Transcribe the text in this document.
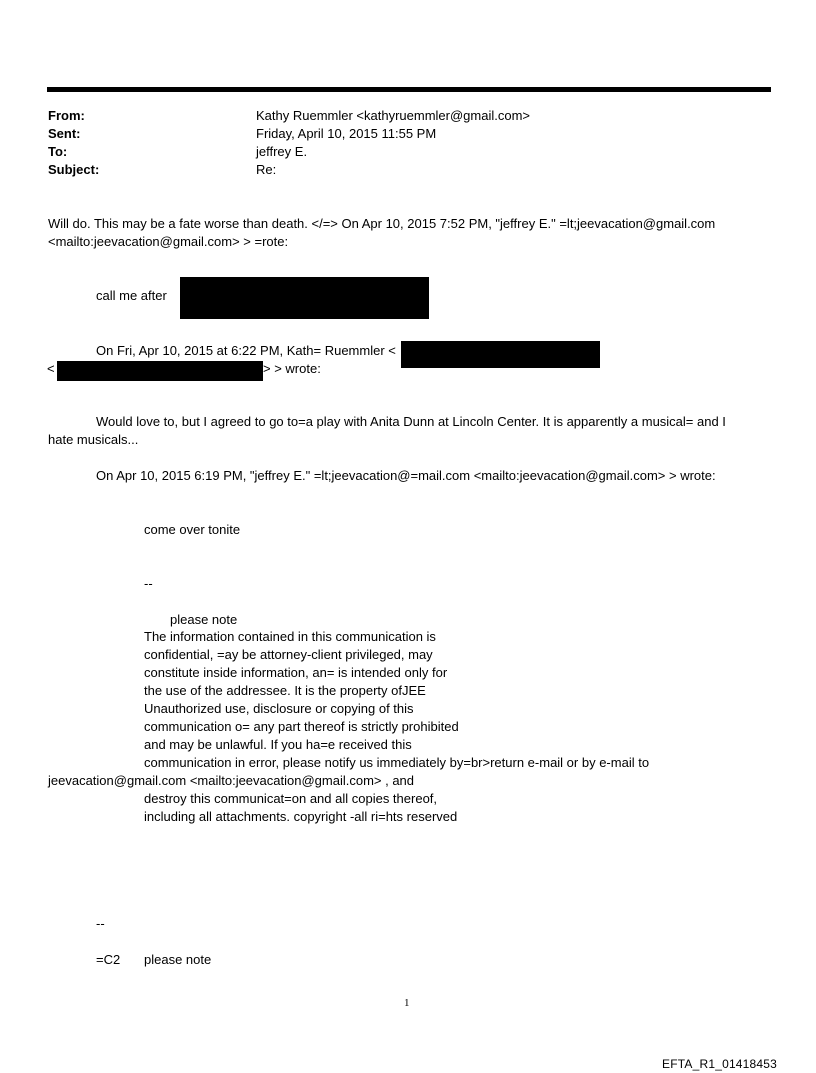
From:	Kathy Ruemmler <kathyruemmler@gmail.com>
Sent:	Friday, April 10, 2015 11:55 PM
To:	jeffrey E.
Subject:	Re:
Will do. This may be a fate worse than death. </=> On Apr 10, 2015 7:52 PM, "jeffrey E." =lt;jeevacation@gmail.com
<mailto:jeevacation@gmail.com> > =rote:
call me after
On Fri, Apr 10, 2015 at 6:22 PM, Kath= Ruemmler <
<	> > wrote:
Would love to, but I agreed to go to=a play with Anita Dunn at Lincoln Center. It is apparently a musical= and I
hate musicals...
On Apr 10, 2015 6:19 PM, "jeffrey E." =lt;jeevacation@=mail.com <mailto:jeevacation@gmail.com> > wrote:
come over tonite
--
please note
The information contained in this communication is
confidential, =ay be attorney-client privileged, may
constitute inside information, an= is intended only for
the use of the addressee. It is the property ofJEE
Unauthorized use, disclosure or copying of this
communication o= any part thereof is strictly prohibited
and may be unlawful. If you ha=e received this
communication in error, please notify us immediately by=br>return e-mail or by e-mail to
jeevacation@gmail.com <mailto:jeevacation@gmail.com> , and
destroy this communicat=on and all copies thereof,
including all attachments. copyright -all ri=hts reserved
--
=C2 please note
1
EFTA_R1_01418453
